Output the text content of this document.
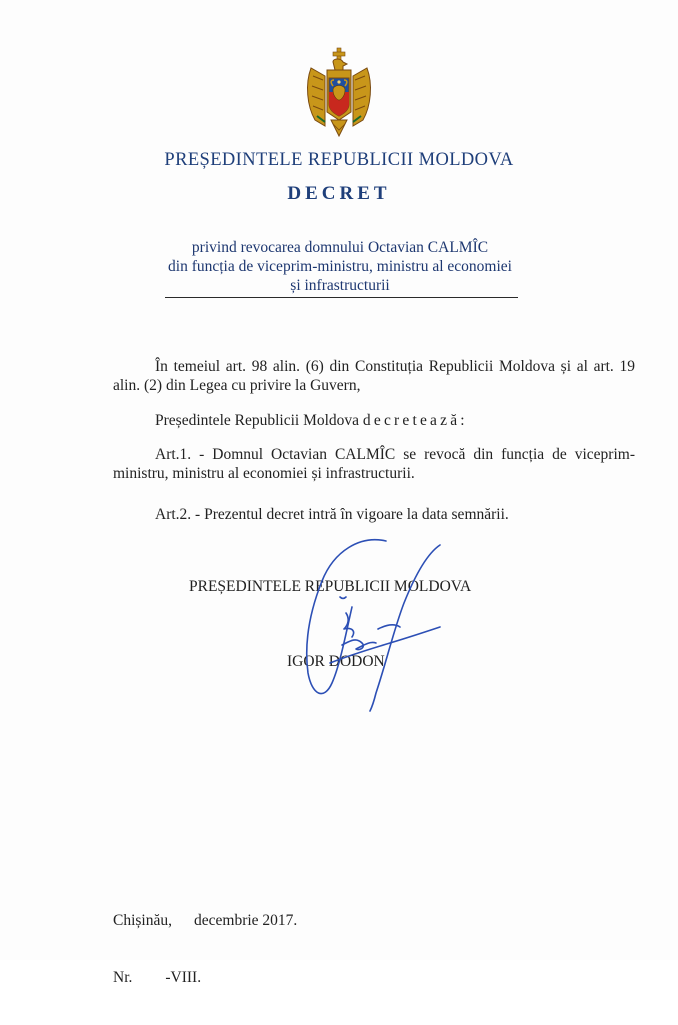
PREȘEDINTELE REPUBLICII MOLDOVA
DECRET
privind revocarea domnului Octavian CALMÎC
din funcția de viceprim-ministru, ministru al economiei
și infrastructurii
În temeiul art. 98 alin. (6) din Constituția Republicii Moldova și al art. 19 alin. (2) din Legea cu privire la Guvern,
Președintele Republicii Moldova decretează:
Art.1. - Domnul Octavian CALMÎC se revocă din funcția de viceprim-ministru, ministru al economiei și infrastructurii.
Art.2. - Prezentul decret intră în vigoare la data semnării.
PREȘEDINTELE REPUBLICII MOLDOVA
IGOR DODON

Chișinău, decembrie 2017.

Nr. -VIII.
